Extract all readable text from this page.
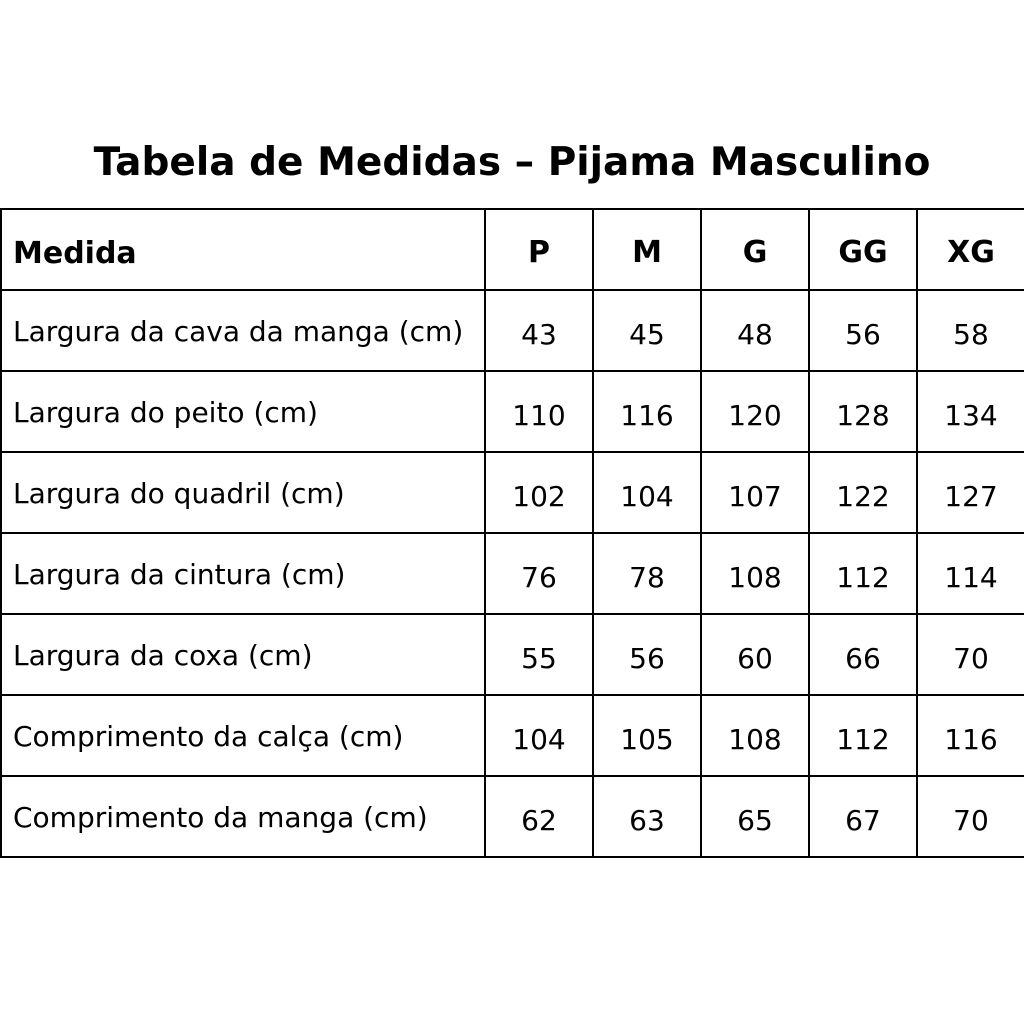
Tabela de Medidas – Pijama Masculino
Medida	P	M	G	GG	XG
Largura da cava da manga (cm)	43	45	48	56	58
Largura do peito (cm)	110	116	120	128	134
Largura do quadril (cm)	102	104	107	122	127
Largura da cintura (cm)	76	78	108	112	114
Largura da coxa (cm)	55	56	60	66	70
Comprimento da calça (cm)	104	105	108	112	116
Comprimento da manga (cm)	62	63	65	67	70
